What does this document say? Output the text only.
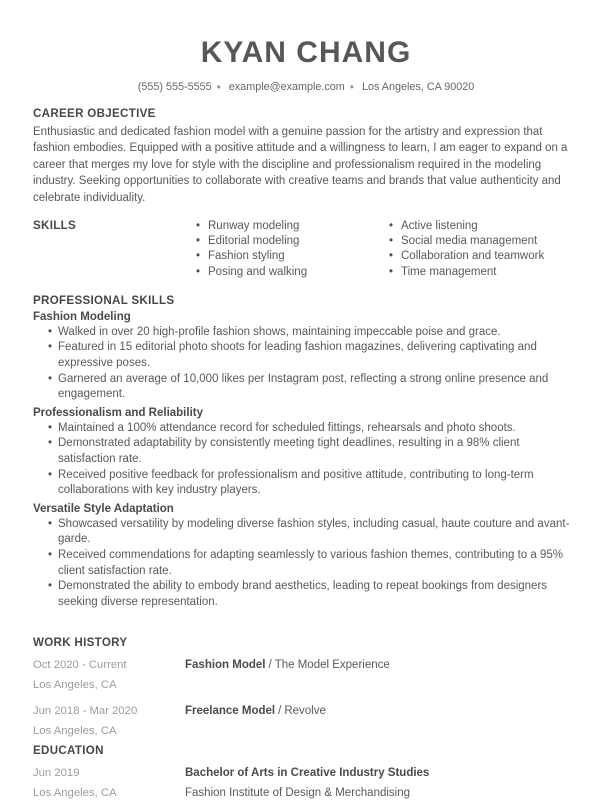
KYAN CHANG
(555) 555-5555 • example@example.com • Los Angeles, CA 90020
CAREER OBJECTIVE
Enthusiastic and dedicated fashion model with a genuine passion for the artistry and expression that fashion embodies. Equipped with a positive attitude and a willingness to learn, I am eager to expand on a career that merges my love for style with the discipline and professionalism required in the modeling industry. Seeking opportunities to collaborate with creative teams and brands that value authenticity and celebrate individuality.
SKILLS	• Runway modeling
• Editorial modeling
• Fashion styling
• Posing and walking
• Active listening
• Social media management
• Collaboration and teamwork
• Time management
PROFESSIONAL SKILLS
Fashion Modeling
• Walked in over 20 high-profile fashion shows, maintaining impeccable poise and grace.
• Featured in 15 editorial photo shoots for leading fashion magazines, delivering captivating and expressive poses.
• Garnered an average of 10,000 likes per Instagram post, reflecting a strong online presence and engagement.
Professionalism and Reliability
• Maintained a 100% attendance record for scheduled fittings, rehearsals and photo shoots.
• Demonstrated adaptability by consistently meeting tight deadlines, resulting in a 98% client satisfaction rate.
• Received positive feedback for professionalism and positive attitude, contributing to long-term collaborations with key industry players.
Versatile Style Adaptation
• Showcased versatility by modeling diverse fashion styles, including casual, haute couture and avant-garde.
• Received commendations for adapting seamlessly to various fashion themes, contributing to a 95% client satisfaction rate.
• Demonstrated the ability to embody brand aesthetics, leading to repeat bookings from designers seeking diverse representation.
WORK HISTORY
Oct 2020 - Current
Los Angeles, CA
Fashion Model / The Model Experience
Jun 2018 - Mar 2020
Los Angeles, CA
Freelance Model / Revolve
EDUCATION
Jun 2019
Los Angeles, CA
Bachelor of Arts in Creative Industry Studies
Fashion Institute of Design & Merchandising
